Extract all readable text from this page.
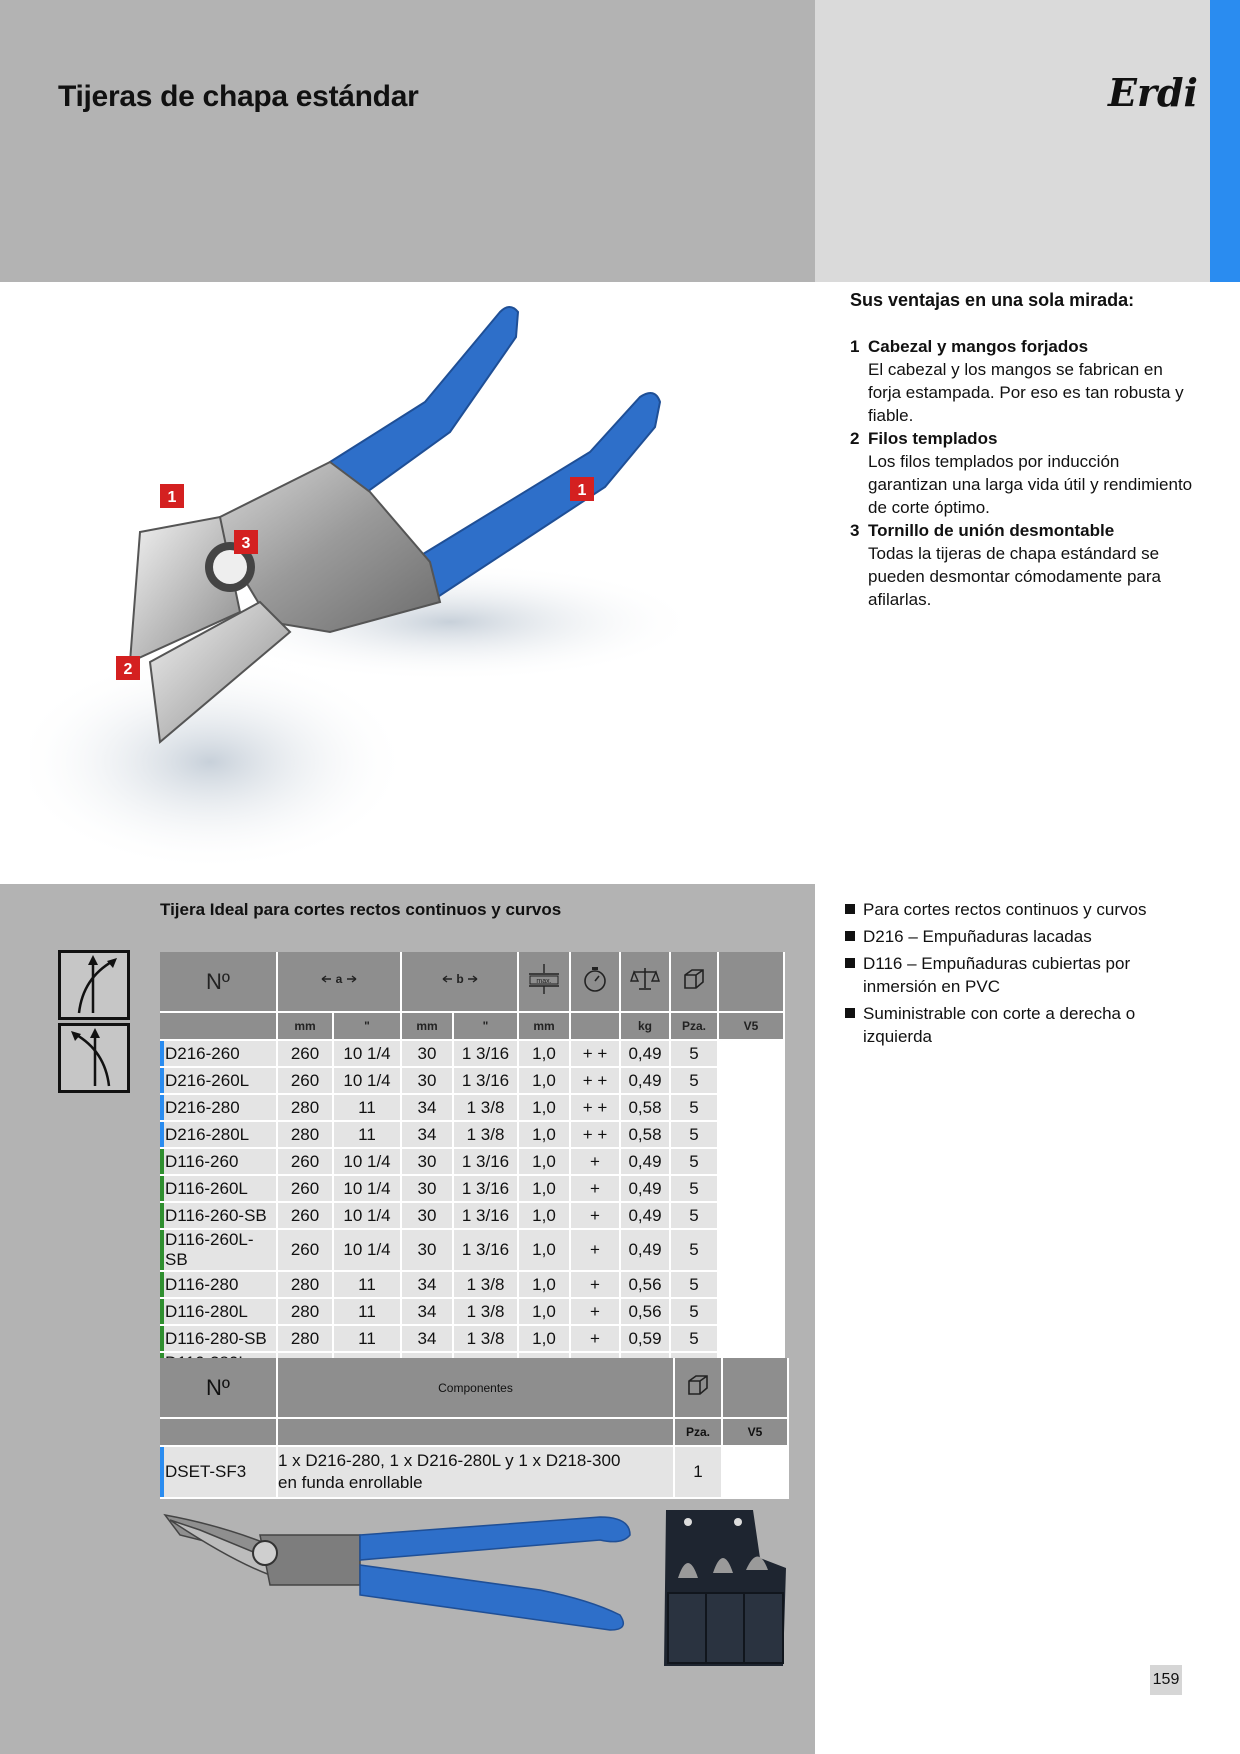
Tijeras de chapa estándar	Erdi
1	1
2
3
Sus ventajas en una sola mirada:
1 Cabezal y mangos forjados
El cabezal y los mangos se fabrican en forja estampada. Por eso es tan robusta y fiable.
2 Filos templados
Los filos templados por inducción garantizan una larga vida útil y rendimiento de corte óptimo.
3 Tornillo de unión desmontable
Todas la tijeras de chapa estándard se pueden desmontar cómodamente para afilarlas.
Tijera Ideal para cortes rectos continuos y curvos
Nº	a		b		max.

	mm	"	mm	"	mm		kg	Pza.	V5
D216-260	260	10 1/4	30	1 3/16	1,0	+ +	0,49	5	
D216-260L	260	10 1/4	30	1 3/16	1,0	+ +	0,49	5	
D216-280	280	11	34	1 3/8	1,0	+ +	0,58	5	
D216-280L	280	11	34	1 3/8	1,0	+ +	0,58	5	
D116-260	260	10 1/4	30	1 3/16	1,0	+	0,49	5	
D116-260L	260	10 1/4	30	1 3/16	1,0	+	0,49	5	
D116-260-SB	260	10 1/4	30	1 3/16	1,0	+	0,49	5	
D116-260L-SB	260	10 1/4	30	1 3/16	1,0	+	0,49	5	
D116-280	280	11	34	1 3/8	1,0	+	0,56	5	
D116-280L	280	11	34	1 3/8	1,0	+	0,56	5	
D116-280-SB	280	11	34	1 3/8	1,0	+	0,59	5	

Nº	Componentes		
		Pza.	V5
DSET-SF3	1 x D216-280, 1 x D216-280L y 1 x D218-300
en funda enrollable	1	
Para cortes rectos continuos y curvos
D216 – Empuñaduras lacadas
D116 – Empuñaduras cubiertas por inmersión en PVC
Suministrable con corte a derecha o izquierda
159
